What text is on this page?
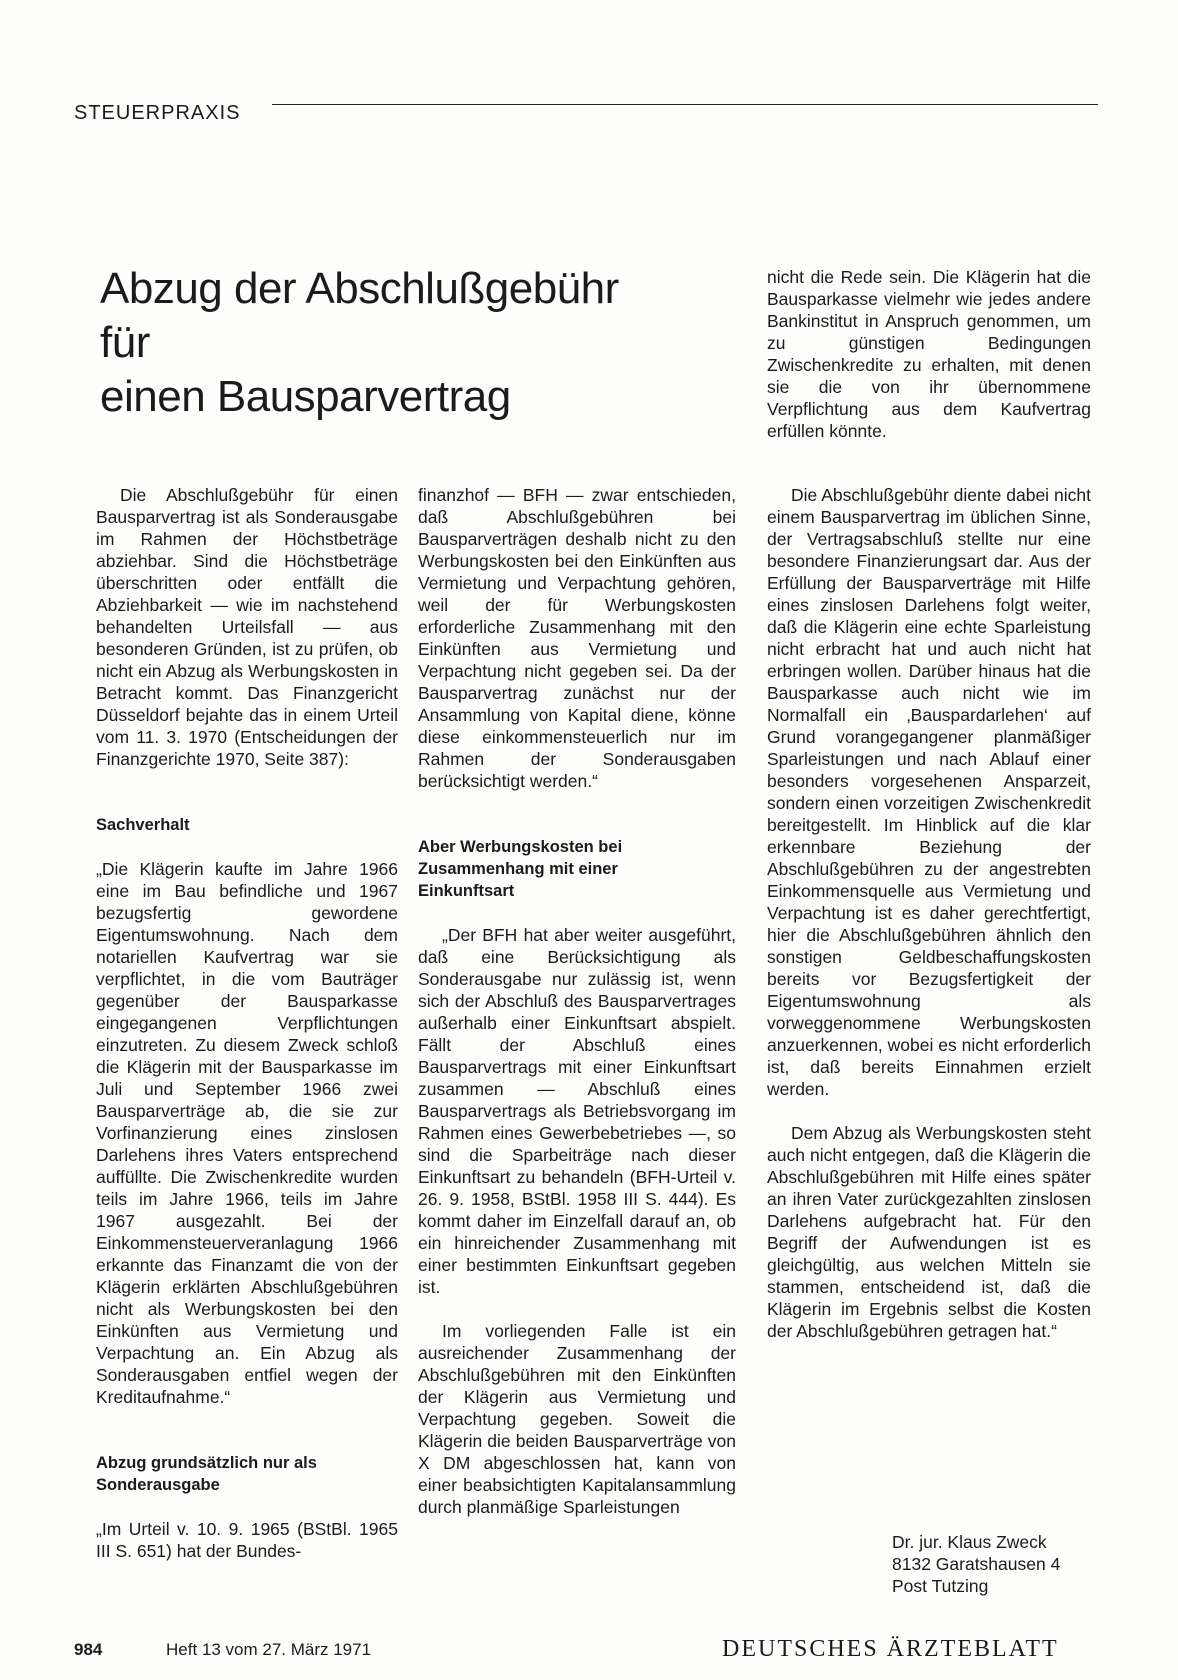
STEUERPRAXIS
Abzug der Abschlußgebühr
für
einen Bausparvertrag

Die Abschlußgebühr für einen Bausparvertrag ist als Sonderausgabe im Rahmen der Höchstbeträge abziehbar. Sind die Höchstbeträge überschritten oder entfällt die Abziehbarkeit — wie im nachstehend behandelten Urteilsfall — aus besonderen Gründen, ist zu prüfen, ob nicht ein Abzug als Werbungskosten in Betracht kommt. Das Finanzgericht Düsseldorf bejahte das in einem Urteil vom 11. 3. 1970 (Entscheidungen der Finanzgerichte 1970, Seite 387):

Sachverhalt

„Die Klägerin kaufte im Jahre 1966 eine im Bau befindliche und 1967 bezugsfertig gewordene Eigentumswohnung. Nach dem notariellen Kaufvertrag war sie verpflichtet, in die vom Bauträger gegenüber der Bausparkasse eingegangenen Verpflichtungen einzutreten. Zu diesem Zweck schloß die Klägerin mit der Bausparkasse im Juli und September 1966 zwei Bausparverträge ab, die sie zur Vorfinanzierung eines zinslosen Darlehens ihres Vaters entsprechend auffüllte. Die Zwischenkredite wurden teils im Jahre 1966, teils im Jahre 1967 ausgezahlt. Bei der Einkommensteuerveranlagung 1966 erkannte das Finanzamt die von der Klägerin erklärten Abschlußgebühren nicht als Werbungskosten bei den Einkünften aus Vermietung und Verpachtung an. Ein Abzug als Sonderausgaben entfiel wegen der Kreditaufnahme.“

Abzug grundsätzlich nur als Sonderausgabe

„Im Urteil v. 10. 9. 1965 (BStBl. 1965 III S. 651) hat der Bundes-

finanzhof — BFH — zwar entschieden, daß Abschlußgebühren bei Bausparverträgen deshalb nicht zu den Werbungskosten bei den Einkünften aus Vermietung und Verpachtung gehören, weil der für Werbungskosten erforderliche Zusammenhang mit den Einkünften aus Vermietung und Verpachtung nicht gegeben sei. Da der Bausparvertrag zunächst nur der Ansammlung von Kapital diene, könne diese einkommensteuerlich nur im Rahmen der Sonderausgaben berücksichtigt werden.“

Aber Werbungskosten bei Zusammenhang mit einer Einkunftsart

„Der BFH hat aber weiter ausgeführt, daß eine Berücksichtigung als Sonderausgabe nur zulässig ist, wenn sich der Abschluß des Bausparvertrages außerhalb einer Einkunftsart abspielt. Fällt der Abschluß eines Bausparvertrags mit einer Einkunftsart zusammen — Abschluß eines Bausparvertrags als Betriebsvorgang im Rahmen eines Gewerbebetriebes —, so sind die Sparbeiträge nach dieser Einkunftsart zu behandeln (BFH-Urteil v. 26. 9. 1958, BStBl. 1958 III S. 444). Es kommt daher im Einzelfall darauf an, ob ein hinreichender Zusammenhang mit einer bestimmten Einkunftsart gegeben ist.

Im vorliegenden Falle ist ein ausreichender Zusammenhang der Abschlußgebühren mit den Einkünften der Klägerin aus Vermietung und Verpachtung gegeben. Soweit die Klägerin die beiden Bausparverträge von X DM abgeschlossen hat, kann von einer beabsichtigten Kapitalansammlung durch planmäßige Sparleistungen

nicht die Rede sein. Die Klägerin hat die Bausparkasse vielmehr wie jedes andere Bankinstitut in Anspruch genommen, um zu günstigen Bedingungen Zwischenkredite zu erhalten, mit denen sie die von ihr übernommene Verpflichtung aus dem Kaufvertrag erfüllen könnte.

Die Abschlußgebühr diente dabei nicht einem Bausparvertrag im üblichen Sinne, der Vertragsabschluß stellte nur eine besondere Finanzierungsart dar. Aus der Erfüllung der Bausparverträge mit Hilfe eines zinslosen Darlehens folgt weiter, daß die Klägerin eine echte Sparleistung nicht erbracht hat und auch nicht hat erbringen wollen. Darüber hinaus hat die Bausparkasse auch nicht wie im Normalfall ein ‚Bauspardarlehen‘ auf Grund vorangegangener planmäßiger Sparleistungen und nach Ablauf einer besonders vorgesehenen Ansparzeit, sondern einen vorzeitigen Zwischenkredit bereitgestellt. Im Hinblick auf die klar erkennbare Beziehung der Abschlußgebühren zu der angestrebten Einkommensquelle aus Vermietung und Verpachtung ist es daher gerechtfertigt, hier die Abschlußgebühren ähnlich den sonstigen Geldbeschaffungskosten bereits vor Bezugsfertigkeit der Eigentumswohnung als vorweggenommene Werbungskosten anzuerkennen, wobei es nicht erforderlich ist, daß bereits Einnahmen erzielt werden.

Dem Abzug als Werbungskosten steht auch nicht entgegen, daß die Klägerin die Abschlußgebühren mit Hilfe eines später an ihren Vater zurückgezahlten zinslosen Darlehens aufgebracht hat. Für den Begriff der Aufwendungen ist es gleichgültig, aus welchen Mitteln sie stammen, entscheidend ist, daß die Klägerin im Ergebnis selbst die Kosten der Abschlußgebühren getragen hat.“

Dr. jur. Klaus Zweck
8132 Garatshausen 4
Post Tutzing
984	Heft 13 vom 27. März 1971	DEUTSCHES ÄRZTEBLATT
